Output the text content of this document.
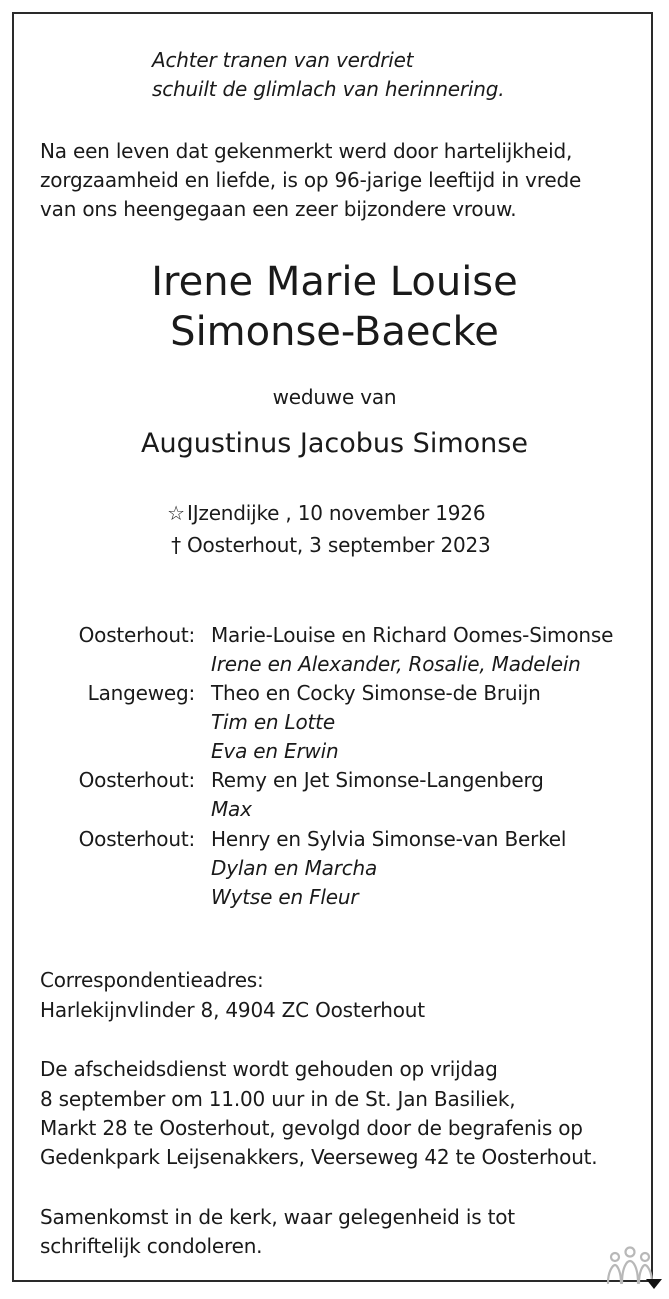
Achter tranen van verdriet
schuilt de glimlach van herinnering.
Na een leven dat gekenmerkt werd door hartelijkheid,
zorgzaamheid en liefde, is op 96-jarige leeftijd in vrede
van ons heengegaan een zeer bijzondere vrouw.
Irene Marie Louise
Simonse-Baecke
weduwe van
Augustinus Jacobus Simonse
☆ IJzendijke , 10 november 1926
† Oosterhout, 3 september 2023
Oosterhout: Marie-Louise en Richard Oomes-Simonse
Irene en Alexander, Rosalie, Madelein
Langeweg: Theo en Cocky Simonse-de Bruijn
Tim en Lotte
Eva en Erwin
Oosterhout: Remy en Jet Simonse-Langenberg
Max
Oosterhout: Henry en Sylvia Simonse-van Berkel
Dylan en Marcha
Wytse en Fleur
Correspondentieadres:
Harlekijnvlinder 8, 4904 ZC Oosterhout
De afscheidsdienst wordt gehouden op vrijdag
8 september om 11.00 uur in de St. Jan Basiliek,
Markt 28 te Oosterhout, gevolgd door de begrafenis op
Gedenkpark Leijsenakkers, Veerseweg 42 te Oosterhout.
Samenkomst in de kerk, waar gelegenheid is tot
schriftelijk condoleren.
